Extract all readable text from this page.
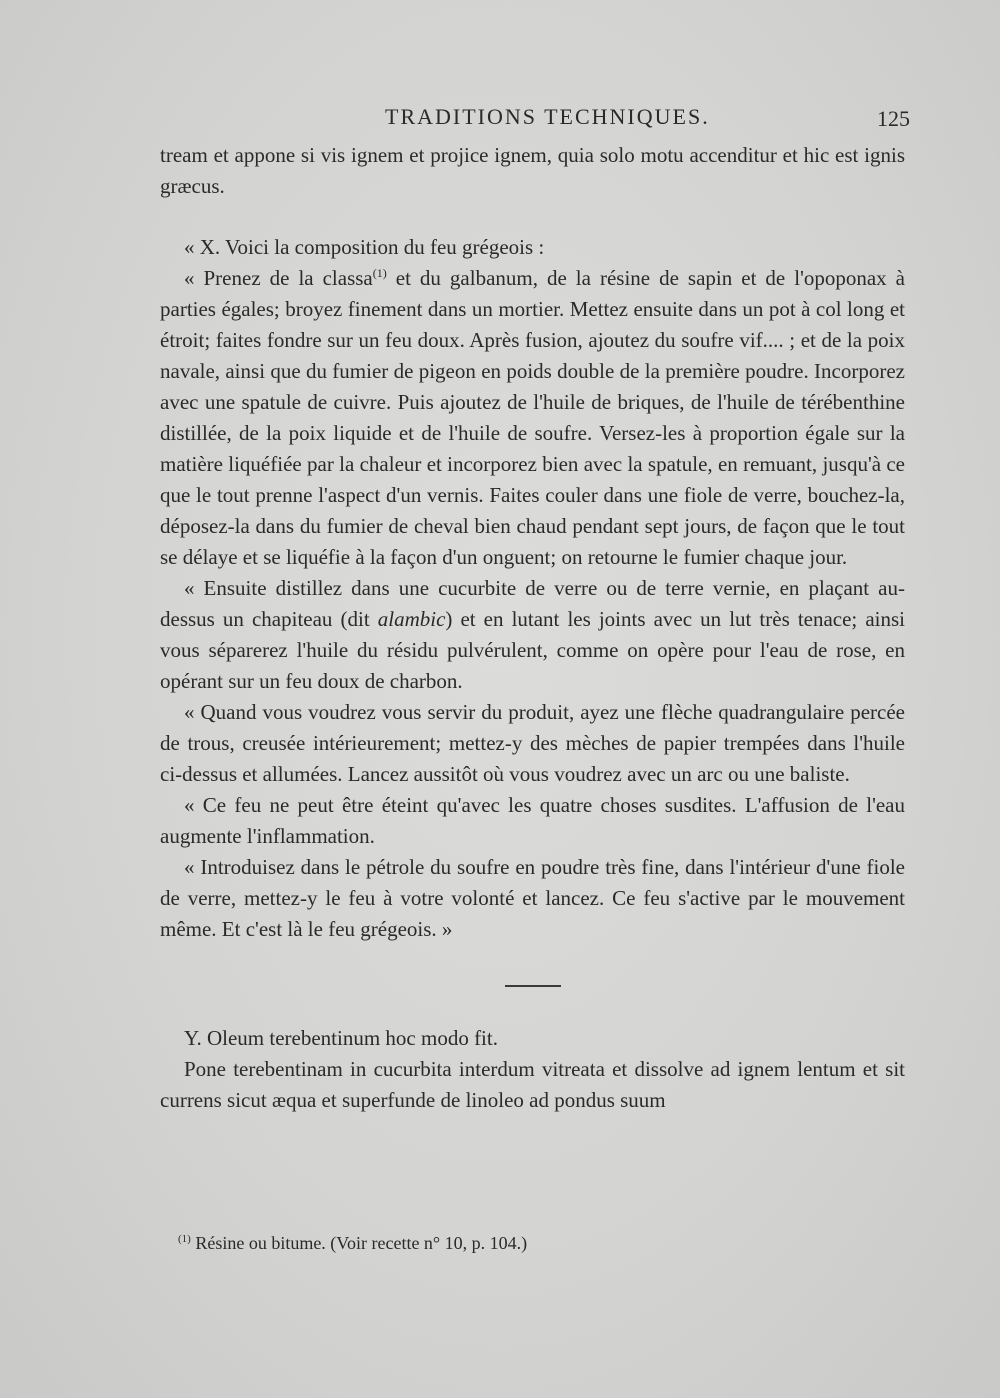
TRADITIONS TECHNIQUES.	125

tream et appone si vis ignem et projice ignem, quia solo motu accenditur et hic est ignis græcus.

« X. Voici la composition du feu grégeois :

« Prenez de la classa$^{(1)}$ et du galbanum, de la résine de sapin et de l'opoponax à parties égales; broyez finement dans un mortier. Mettez ensuite dans un pot à col long et étroit; faites fondre sur un feu doux. Après fusion, ajoutez du soufre vif.... ; et de la poix navale, ainsi que du fumier de pigeon en poids double de la première poudre. Incorporez avec une spatule de cuivre. Puis ajoutez de l'huile de briques, de l'huile de térébenthine distillée, de la poix liquide et de l'huile de soufre. Versez-les à proportion égale sur la matière liquéfiée par la chaleur et incorporez bien avec la spatule, en remuant, jusqu'à ce que le tout prenne l'aspect d'un vernis. Faites couler dans une fiole de verre, bouchez-la, déposez-la dans du fumier de cheval bien chaud pendant sept jours, de façon que le tout se délaye et se liquéfie à la façon d'un onguent; on retourne le fumier chaque jour.

« Ensuite distillez dans une cucurbite de verre ou de terre vernie, en plaçant au-dessus un chapiteau (dit alambic) et en lutant les joints avec un lut très tenace; ainsi vous séparerez l'huile du résidu pulvérulent, comme on opère pour l'eau de rose, en opérant sur un feu doux de charbon.

« Quand vous voudrez vous servir du produit, ayez une flèche quadrangulaire percée de trous, creusée intérieurement; mettez-y des mèches de papier trempées dans l'huile ci-dessus et allumées. Lancez aussitôt où vous voudrez avec un arc ou une baliste.

« Ce feu ne peut être éteint qu'avec les quatre choses susdites. L'affusion de l'eau augmente l'inflammation.

« Introduisez dans le pétrole du soufre en poudre très fine, dans l'intérieur d'une fiole de verre, mettez-y le feu à votre volonté et lancez. Ce feu s'active par le mouvement même. Et c'est là le feu grégeois. »

Y. Oleum terebentinum hoc modo fit.

Pone terebentinam in cucurbita interdum vitreata et dissolve ad ignem lentum et sit currens sicut æqua et superfunde de linoleo ad pondus suum

$^{(1)}$ Résine ou bitume. (Voir recette n° 10, p. 104.)
